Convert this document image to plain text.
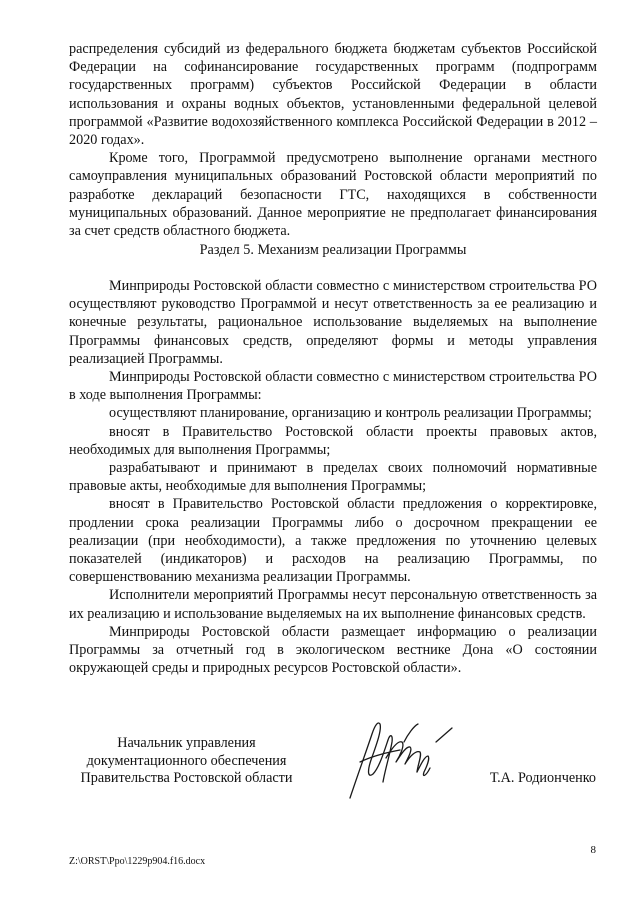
распределения субсидий из федерального бюджета бюджетам субъектов Российской Федерации на софинансирование государственных программ (подпрограмм государственных программ) субъектов Российской Федерации в области использования и охраны водных объектов, установленными федеральной целевой программой «Развитие водохозяйственного комплекса Российской Федерации в 2012 – 2020 годах».

Кроме того, Программой предусмотрено выполнение органами местного самоуправления муниципальных образований Ростовской области мероприятий по разработке деклараций безопасности ГТС, находящихся в собственности муниципальных образований. Данное мероприятие не предполагает финансирования за счет средств областного бюджета.

Раздел 5. Механизм реализации Программы

Минприроды Ростовской области совместно с министерством строительства РО осуществляют руководство Программой и несут ответственность за ее реализацию и конечные результаты, рациональное использование выделяемых на выполнение Программы финансовых средств, определяют формы и методы управления реализацией Программы.

Минприроды Ростовской области совместно с министерством строительства РО в ходе выполнения Программы:

осуществляют планирование, организацию и контроль реализации Программы;

вносят в Правительство Ростовской области проекты правовых актов, необходимых для выполнения Программы;

разрабатывают и принимают в пределах своих полномочий нормативные правовые акты, необходимые для выполнения Программы;

вносят в Правительство Ростовской области предложения о корректировке, продлении срока реализации Программы либо о досрочном прекращении ее реализации (при необходимости), а также предложения по уточнению целевых показателей (индикаторов) и расходов на реализацию Программы, по совершенствованию механизма реализации Программы.

Исполнители мероприятий Программы несут персональную ответственность за их реализацию и использование выделяемых на их выполнение финансовых средств.

Минприроды Ростовской области размещает информацию о реализации Программы за отчетный год в экологическом вестнике Дона «О состоянии окружающей среды и природных ресурсов Ростовской области».

Начальник управления
документационного обеспечения
Правительства Ростовской области	Т.А. Родионченко
8
Z:\ORST\Ppo\1229p904.f16.docx
